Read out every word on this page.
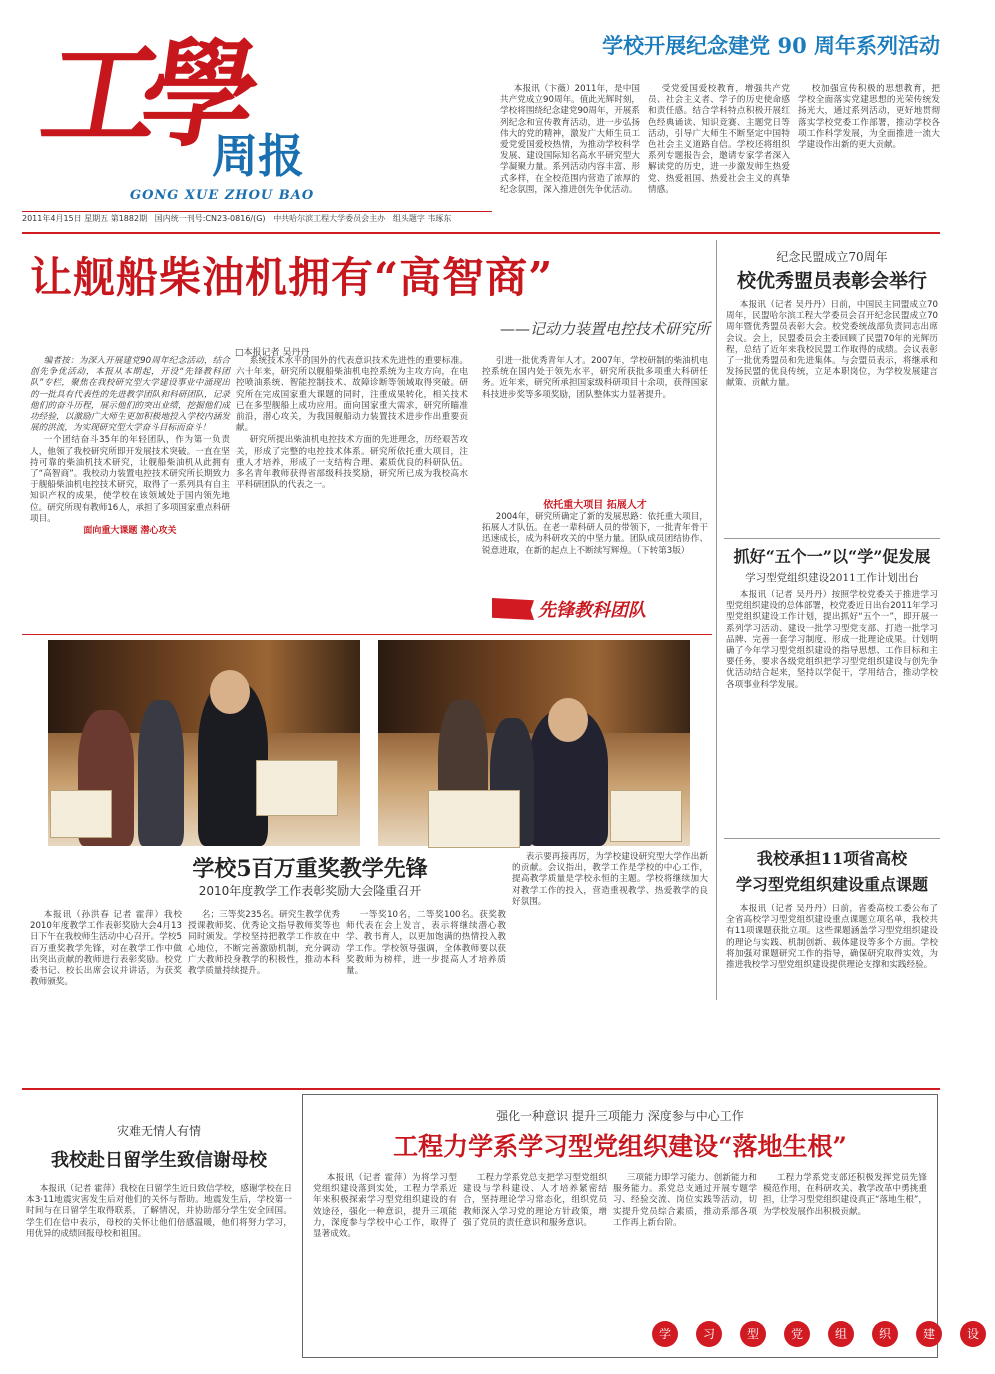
工學
周报
GONG XUE ZHOU BAO
2011年4月15日 星期五 第1882期 国内统一刊号:CN23-0816/(G) 中共哈尔滨工程大学委员会主办 组头题字 韦琢东
学校开展纪念建党 90 周年系列活动

本报讯（卞薇）2011年，是中国共产党成立90周年。值此光辉时刻，学校将围绕纪念建党90周年，开展系列纪念和宣传教育活动，进一步弘扬伟大的党的精神，激发广大师生员工爱党爱国爱校热情，为推动学校科学发展、建设国际知名高水平研究型大学凝聚力量。系列活动内容丰富、形式多样，在全校范围内营造了浓厚的纪念氛围，深入推进创先争优活动。

受党爱国爱校教育，增强共产党员、社会主义者、学子的历史使命感和责任感。结合学科特点积极开展红色经典诵读、知识竞赛、主题党日等活动，引导广大师生不断坚定中国特色社会主义道路自信。学校还将组织系列专题报告会，邀请专家学者深入解读党的历史，进一步激发师生热爱党、热爱祖国、热爱社会主义的真挚情感。

校加强宣传积极的思想教育，把学校全面落实党建思想的光荣传统发扬光大，通过系列活动，更好地贯彻落实学校党委工作部署，推动学校各项工作科学发展，为全面推进一流大学建设作出新的更大贡献。

让舰船柴油机拥有“高智商”
——记动力装置电控技术研究所
□本报记者 吴丹丹

编者按：为深入开展建党90周年纪念活动，结合创先争优活动，本报从本期起，开设“先锋教科团队”专栏，聚焦在我校研究型大学建设事业中涌现出的一批具有代表性的先进教学团队和科研团队，记录他们的奋斗历程，展示他们的突出业绩，挖掘他们成功经验，以激励广大师生更加积极地投入学校内涵发展的洪流，为实现研究型大学奋斗目标而奋斗！

一个团结奋斗35年的年轻团队，作为第一负责人，他领了我校研究所即开发展技术突破。一直在坚持可靠的柴油机技术研究，让舰船柴油机从此拥有了“高智商”。我校动力装置电控技术研究所长期致力于舰船柴油机电控技术研究，取得了一系列具有自主知识产权的成果，使学校在该领域处于国内领先地位。研究所现有教师16人，承担了多项国家重点科研项目。

面向重大课题 潜心攻关

系统技术水平的国外的代表意识技术先进性的重要标准。六十年来，研究所以舰船柴油机电控系统为主攻方向，在电控喷油系统、智能控制技术、故障诊断等领域取得突破。研究所在完成国家重大课题的同时，注重成果转化，相关技术已在多型舰船上成功应用。面向国家重大需求，研究所瞄准前沿，潜心攻关，为我国舰船动力装置技术进步作出重要贡献。

研究所提出柴油机电控技术方面的先进理念，历经艰苦攻关，形成了完整的电控技术体系。研究所依托重大项目，注重人才培养，形成了一支结构合理、素质优良的科研队伍。多名青年教师获得省部级科技奖励，研究所已成为我校高水平科研团队的代表之一。

引进一批优秀青年人才。2007年，学校研制的柴油机电控系统在国内处于领先水平，研究所获批多项重大科研任务。近年来，研究所承担国家级科研项目十余项，获得国家科技进步奖等多项奖励，团队整体实力显著提升。

依托重大项目 拓展人才

2004年，研究所确定了新的发展思路：依托重大项目，拓展人才队伍。在老一辈科研人员的带领下，一批青年骨干迅速成长，成为科研攻关的中坚力量。团队成员团结协作、锐意进取，在新的起点上不断续写辉煌。（下转第3版）

先锋教科团队
纪念民盟成立70周年
校优秀盟员表彰会举行

本报讯（记者 吴丹丹）日前，中国民主同盟成立70周年，民盟哈尔滨工程大学委员会召开纪念民盟成立70周年暨优秀盟员表彰大会。校党委统战部负责同志出席会议。会上，民盟委员会主委回顾了民盟70年的光辉历程，总结了近年来我校民盟工作取得的成绩。会议表彰了一批优秀盟员和先进集体。与会盟员表示，将继承和发扬民盟的优良传统，立足本职岗位，为学校发展建言献策、贡献力量。

抓好“五个一”以“学”促发展
学习型党组织建设2011工作计划出台

本报讯（记者 吴丹丹）按照学校党委关于推进学习型党组织建设的总体部署，校党委近日出台2011年学习型党组织建设工作计划，提出抓好“五个一”，即开展一系列学习活动、建设一批学习型党支部、打造一批学习品牌、完善一套学习制度、形成一批理论成果。计划明确了今年学习型党组织建设的指导思想、工作目标和主要任务，要求各级党组织把学习型党组织建设与创先争优活动结合起来，坚持以学促干，学用结合，推动学校各项事业科学发展。

我校承担11项省高校
学习型党组织建设重点课题

本报讯（记者 吴丹丹）日前，省委高校工委公布了全省高校学习型党组织建设重点课题立项名单，我校共有11项课题获批立项。这些课题涵盖学习型党组织建设的理论与实践、机制创新、载体建设等多个方面。学校将加强对课题研究工作的指导，确保研究取得实效，为推进我校学习型党组织建设提供理论支撑和实践经验。

学校5百万重奖教学先锋
2010年度教学工作表彰奖励大会隆重召开

本报讯（孙洪春 记者 霍萍）我校2010年度教学工作表彰奖励大会4月13日下午在我校师生活动中心召开。学校5百万重奖教学先锋，对在教学工作中做出突出贡献的教师进行表彰奖励。校党委书记、校长出席会议并讲话，为获奖教师颁奖。

名；三等奖235名。研究生教学优秀授课教师奖、优秀论文指导教师奖等也同时颁发。学校坚持把教学工作放在中心地位，不断完善激励机制，充分调动广大教师投身教学的积极性，推动本科教学质量持续提升。

一等奖10名，二等奖100名。获奖教师代表在会上发言，表示将继续潜心教学、教书育人，以更加饱满的热情投入教学工作。学校领导强调，全体教师要以获奖教师为榜样，进一步提高人才培养质量。

表示要再接再厉，为学校建设研究型大学作出新的贡献。会议指出，教学工作是学校的中心工作，提高教学质量是学校永恒的主题。学校将继续加大对教学工作的投入，营造重视教学、热爱教学的良好氛围。

灾难无情人有情
我校赴日留学生致信谢母校

本报讯（记者 霍萍）我校在日留学生近日致信学校，感谢学校在日本3·11地震灾害发生后对他们的关怀与帮助。地震发生后，学校第一时间与在日留学生取得联系，了解情况，并协助部分学生安全回国。学生们在信中表示，母校的关怀让他们倍感温暖，他们将努力学习，用优异的成绩回报母校和祖国。

强化一种意识 提升三项能力 深度参与中心工作
工程力学系学习型党组织建设“落地生根”

本报讯（记者 霍萍）为将学习型党组织建设落到实处，工程力学系近年来积极探索学习型党组织建设的有效途径，强化一种意识，提升三项能力，深度参与学校中心工作，取得了显著成效。

工程力学系党总支把学习型党组织建设与学科建设、人才培养紧密结合，坚持理论学习常态化，组织党员教师深入学习党的理论方针政策，增强了党员的责任意识和服务意识。

三项能力即学习能力、创新能力和服务能力。系党总支通过开展专题学习、经验交流、岗位实践等活动，切实提升党员综合素质，推动系部各项工作再上新台阶。

工程力学系党支部还积极发挥党员先锋模范作用，在科研攻关、教学改革中勇挑重担，让学习型党组织建设真正“落地生根”，为学校发展作出积极贡献。

学	习	型	党	组	织	建	设
